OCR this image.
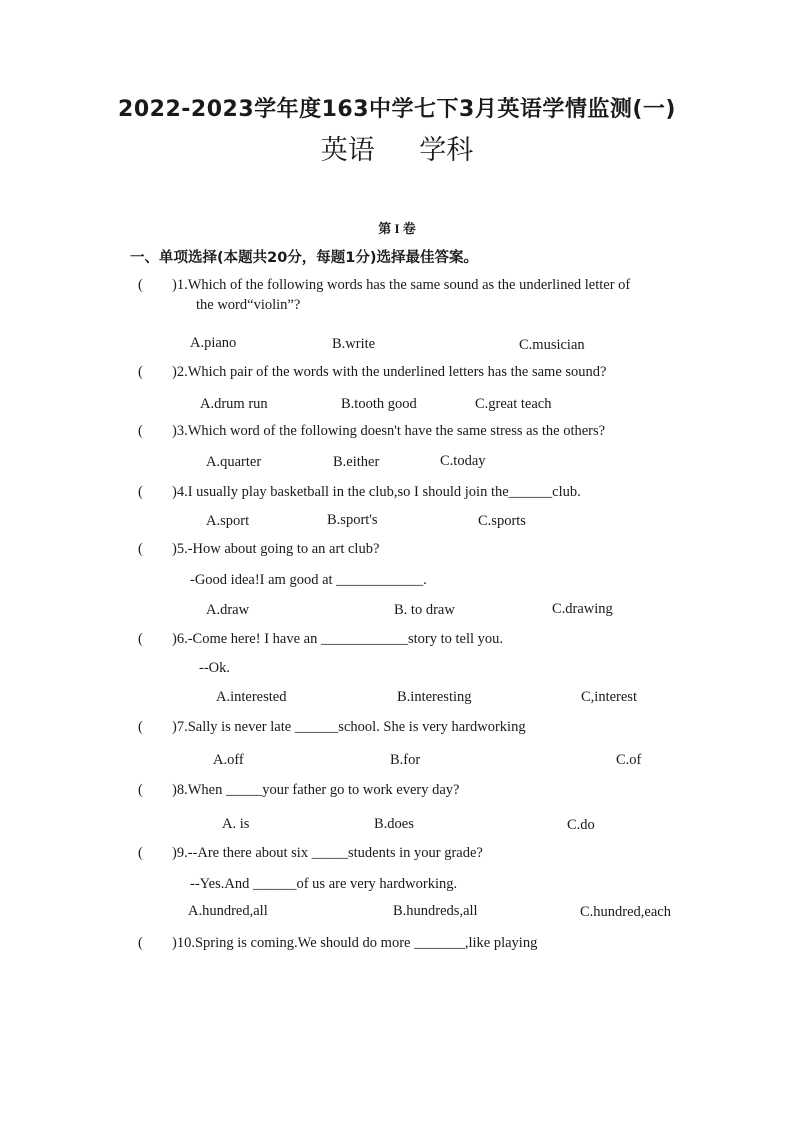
2022-2023学年度163中学七下3月英语学情监测(一)
英语 学科
第 I 卷
一、单项选择(本题共20分，每题1分)选择最佳答案。
( )1.Which of the following words has the same sound as the underlined letter of
the word“violin”?
A.piano	B.write	C.musician
( )2.Which pair of the words with the underlined letters has the same sound?
A.drum run	B.tooth good	C.great teach
( )3.Which word of the following doesn't have the same stress as the others?
A.quarter	B.either	C.today
( )4.I usually play basketball in the club,so I should join the______club.
A.sport	B.sport's	C.sports
( )5.-How about going to an art club?
-Good idea!I am good at ____________.
A.draw	B. to draw	C.drawing
( )6.-Come here! I have an ____________story to tell you.
--Ok.
A.interested	B.interesting	C,interest
( )7.Sally is never late ______school. She is very hardworking
A.off	B.for	C.of
( )8.When _____your father go to work every day?
A. is	B.does	C.do
( )9.--Are there about six _____students in your grade?
--Yes.And ______of us are very hardworking.
A.hundred,all	B.hundreds,all	C.hundred,each
( )10.Spring is coming.We should do more _______,like playing
